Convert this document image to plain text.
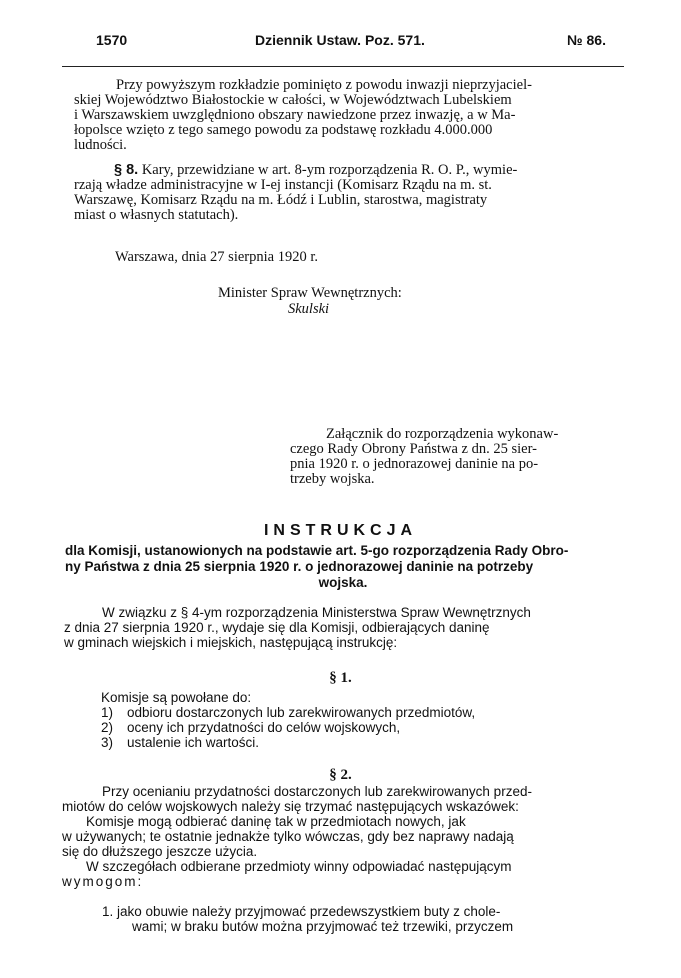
1570	Dziennik Ustaw. Poz. 571.	№ 86.
Przy powyższym rozkładzie pominięto z powodu inwazji nieprzyjaciel-
skiej Województwo Białostockie w całości, w Województwach Lubelskiem
i Warszawskiem uwzględniono obszary nawiedzone przez inwazję, a w Ma-
łopolsce wzięto z tego samego powodu za podstawę rozkładu 4.000.000
ludności.
§ 8. Kary, przewidziane w art. 8-ym rozporządzenia R. O. P., wymie-
rzają władze administracyjne w I-ej instancji (Komisarz Rządu na m. st.
Warszawę, Komisarz Rządu na m. Łódź i Lublin, starostwa, magistraty
miast o własnych statutach).
Warszawa, dnia 27 sierpnia 1920 r.
Minister Spraw Wewnętrznych:
Skulski
Załącznik do rozporządzenia wykonaw-
czego Rady Obrony Państwa z dn. 25 sier-
pnia 1920 r. o jednorazowej daninie na po-
trzeby wojska.
INSTRUKCJA
dla Komisji, ustanowionych na podstawie art. 5-go rozporządzenia Rady Obro-
ny Państwa z dnia 25 sierpnia 1920 r. o jednorazowej daninie na potrzeby
wojska.
W związku z § 4-ym rozporządzenia Ministerstwa Spraw Wewnętrznych
z dnia 27 sierpnia 1920 r., wydaje się dla Komisji, odbierających daninę
w gminach wiejskich i miejskich, następującą instrukcję:
§ 1.
Komisje są powołane do:
1) odbioru dostarczonych lub zarekwirowanych przedmiotów,
2) oceny ich przydatności do celów wojskowych,
3) ustalenie ich wartości.
§ 2.
Przy ocenianiu przydatności dostarczonych lub zarekwirowanych przed-
miotów do celów wojskowych należy się trzymać następujących wskazówek:
Komisje mogą odbierać daninę tak w przedmiotach nowych, jak
w używanych; te ostatnie jednakże tylko wówczas, gdy bez naprawy nadają
się do dłuższego jeszcze użycia.
W szczegółach odbierane przedmioty winny odpowiadać następującym
wymogom:
1. jako obuwie należy przyjmować przedewszystkiem buty z chole-
wami; w braku butów można przyjmować też trzewiki, przyczem
